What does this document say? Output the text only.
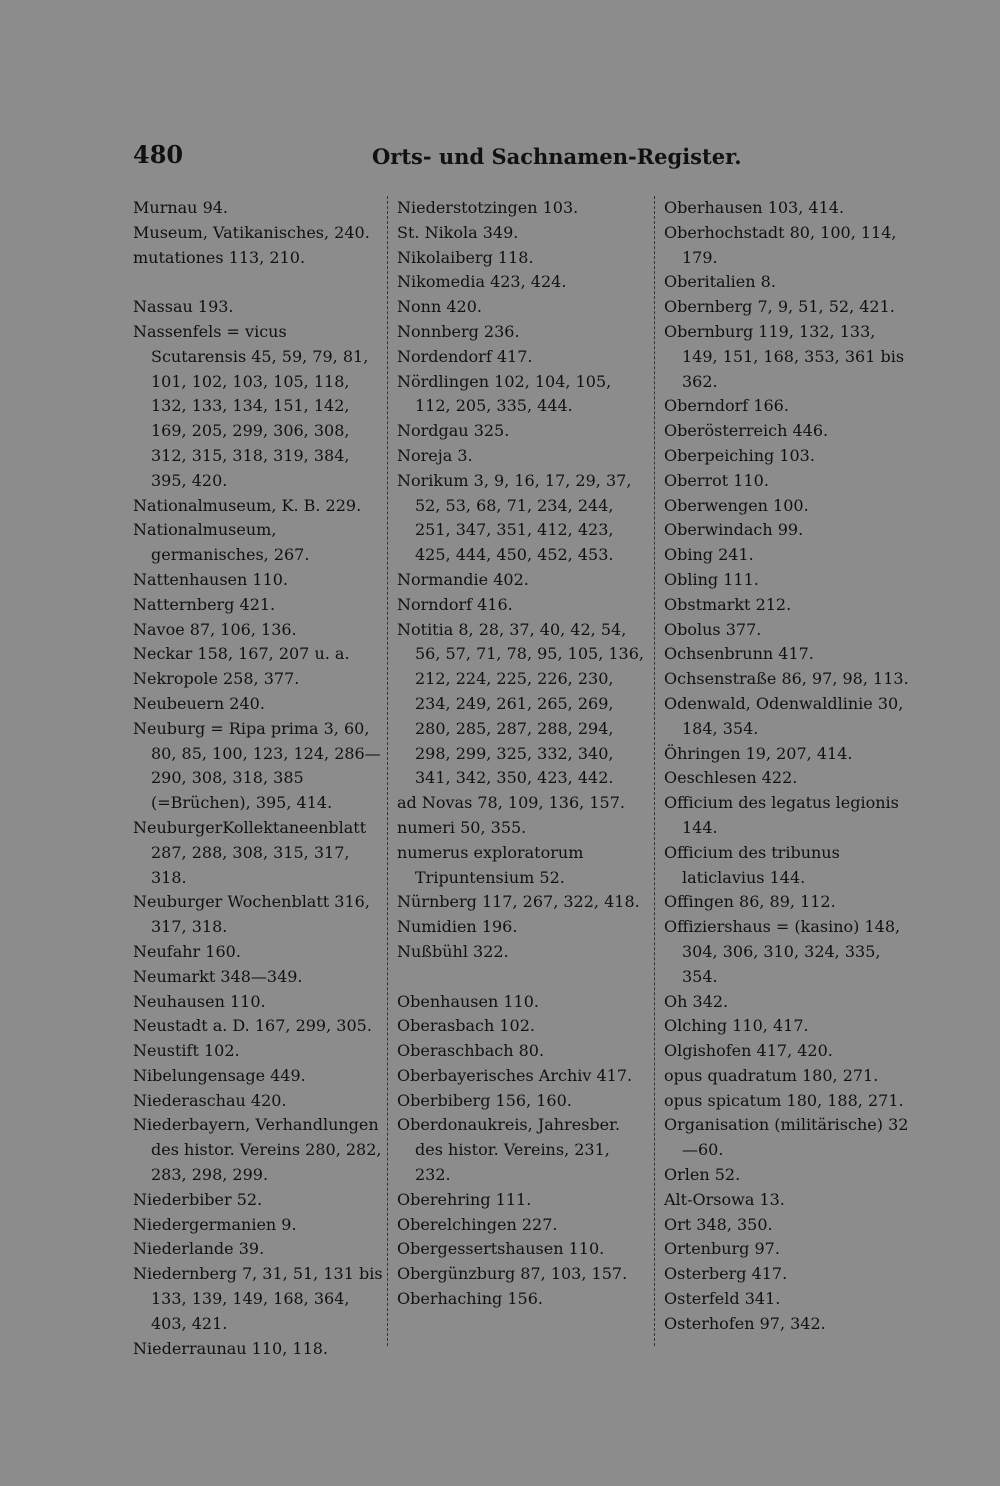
480	Orts- und Sachnamen-Register.
Murnau 94.
Museum, Vatikanisches, 240.
mutationes 113, 210.
Nassau 193.
Nassenfels = vicus Scutarensis 45, 59, 79, 81, 101, 102, 103, 105, 118, 132, 133, 134, 151, 142, 169, 205, 299, 306, 308, 312, 315, 318, 319, 384, 395, 420.
Nationalmuseum, K. B. 229.
Nationalmuseum, germanisches, 267.
Nattenhausen 110.
Natternberg 421.
Navoe 87, 106, 136.
Neckar 158, 167, 207 u. a.
Nekropole 258, 377.
Neubeuern 240.
Neuburg = Ripa prima 3, 60, 80, 85, 100, 123, 124, 286—290, 308, 318, 385 (=Brüchen), 395, 414.
NeuburgerKollektaneenblatt 287, 288, 308, 315, 317, 318.
Neuburger Wochenblatt 316, 317, 318.
Neufahr 160.
Neumarkt 348—349.
Neuhausen 110.
Neustadt a. D. 167, 299, 305.
Neustift 102.
Nibelungensage 449.
Niederaschau 420.
Niederbayern, Verhandlungen des histor. Vereins 280, 282, 283, 298, 299.
Niederbiber 52.
Niedergermanien 9.
Niederlande 39.
Niedernberg 7, 31, 51, 131 bis 133, 139, 149, 168, 364, 403, 421.
Niederraunau 110, 118.
Niederstotzingen 103.
St. Nikola 349.
Nikolaiberg 118.
Nikomedia 423, 424.
Nonn 420.
Nonnberg 236.
Nordendorf 417.
Nördlingen 102, 104, 105, 112, 205, 335, 444.
Nordgau 325.
Noreja 3.
Norikum 3, 9, 16, 17, 29, 37, 52, 53, 68, 71, 234, 244, 251, 347, 351, 412, 423, 425, 444, 450, 452, 453.
Normandie 402.
Norndorf 416.
Notitia 8, 28, 37, 40, 42, 54, 56, 57, 71, 78, 95, 105, 136, 212, 224, 225, 226, 230, 234, 249, 261, 265, 269, 280, 285, 287, 288, 294, 298, 299, 325, 332, 340, 341, 342, 350, 423, 442.
ad Novas 78, 109, 136, 157.
numeri 50, 355.
numerus exploratorum Tripuntensium 52.
Nürnberg 117, 267, 322, 418.
Numidien 196.
Nußbühl 322.
Obenhausen 110.
Oberasbach 102.
Oberaschbach 80.
Oberbayerisches Archiv 417.
Oberbiberg 156, 160.
Oberdonaukreis, Jahresber. des histor. Vereins, 231, 232.
Oberehring 111.
Oberelchingen 227.
Obergessertshausen 110.
Obergünzburg 87, 103, 157.
Oberhaching 156.
Oberhausen 103, 414.
Oberhochstadt 80, 100, 114, 179.
Oberitalien 8.
Obernberg 7, 9, 51, 52, 421.
Obernburg 119, 132, 133, 149, 151, 168, 353, 361 bis 362.
Oberndorf 166.
Oberösterreich 446.
Oberpeiching 103.
Oberrot 110.
Oberwengen 100.
Oberwindach 99.
Obing 241.
Obling 111.
Obstmarkt 212.
Obolus 377.
Ochsenbrunn 417.
Ochsenstraße 86, 97, 98, 113.
Odenwald, Odenwaldlinie 30, 184, 354.
Öhringen 19, 207, 414.
Oeschlesen 422.
Officium des legatus legionis 144.
Officium des tribunus laticlavius 144.
Offingen 86, 89, 112.
Offiziershaus = (kasino) 148, 304, 306, 310, 324, 335, 354.
Oh 342.
Olching 110, 417.
Olgishofen 417, 420.
opus quadratum 180, 271.
opus spicatum 180, 188, 271.
Organisation (militärische) 32—60.
Orlen 52.
Alt-Orsowa 13.
Ort 348, 350.
Ortenburg 97.
Osterberg 417.
Osterfeld 341.
Osterhofen 97, 342.
